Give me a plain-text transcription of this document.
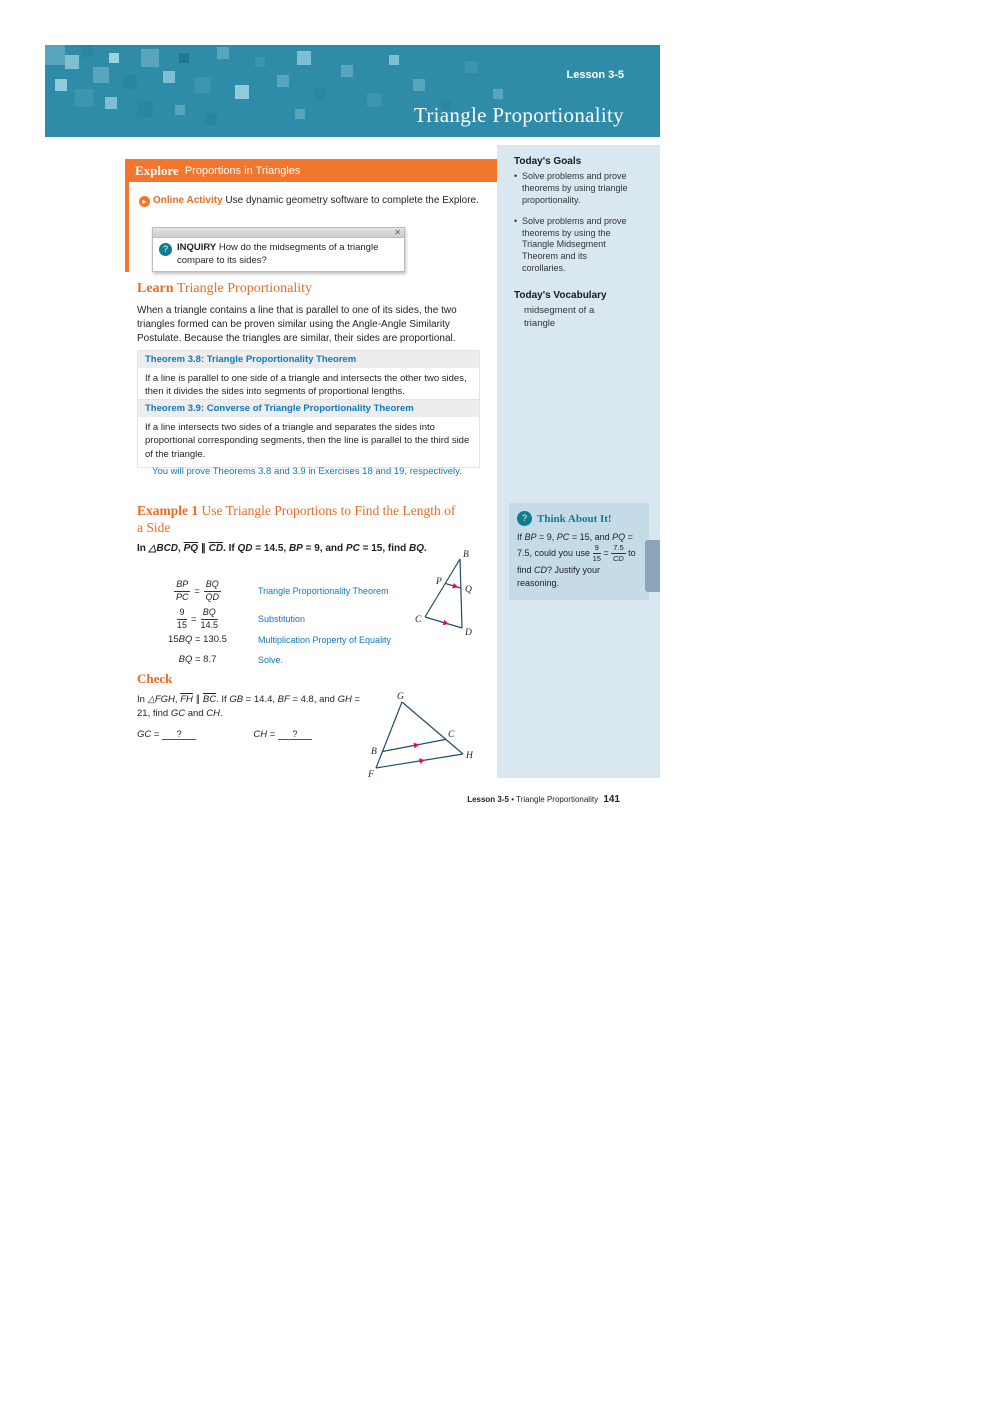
Lesson 3-5
Triangle Proportionality
Today's Goals
• Solve problems and prove theorems by using triangle proportionality.
• Solve problems and prove theorems by using the Triangle Midsegment Theorem and its corollaries.
Today's Vocabulary
midsegment of a triangle
? Think About It!
If BP = 9, PC = 15, and PQ = 7.5, could you use $\frac{9}{15} = \frac{7.5}{CD}$ to find CD? Justify your reasoning.
Explore Proportions in Triangles
▸ Online Activity Use dynamic geometry software to complete the Explore.
✕
? INQUIRY How do the midsegments of a triangle compare to its sides?
Learn Triangle Proportionality
When a triangle contains a line that is parallel to one of its sides, the two triangles formed can be proven similar using the Angle-Angle Similarity Postulate. Because the triangles are similar, their sides are proportional.
Theorem 3.8: Triangle Proportionality Theorem
If a line is parallel to one side of a triangle and intersects the other two sides, then it divides the sides into segments of proportional lengths.
Theorem 3.9: Converse of Triangle Proportionality Theorem
If a line intersects two sides of a triangle and separates the sides into proportional corresponding segments, then the line is parallel to the third side of the triangle.
You will prove Theorems 3.8 and 3.9 in Exercises 18 and 19, respectively.
Example 1 Use Triangle Proportions to Find the Length of a Side
In △BCD, $\overline{PQ}$ ∥ $\overline{CD}$. If QD = 14.5, BP = 9, and PC = 15, find BQ.
$\frac{BP}{PC} = \frac{BQ}{QD}$	Triangle Proportionality Theorem
$\frac{9}{15} = \frac{BQ}{14.5}$	Substitution
15BQ = 130.5	Multiplication Property of Equality
BQ = 8.7	Solve.
B
P
Q
C
D
Check
In △FGH, $\overline{FH}$ ∥ $\overline{BC}$. If GB = 14.4, BF = 4.8, and GH = 21, find GC and CH.
GC = ?	CH = ?
G
B
C
F
H
Lesson 3-5 • Triangle Proportionality 141
